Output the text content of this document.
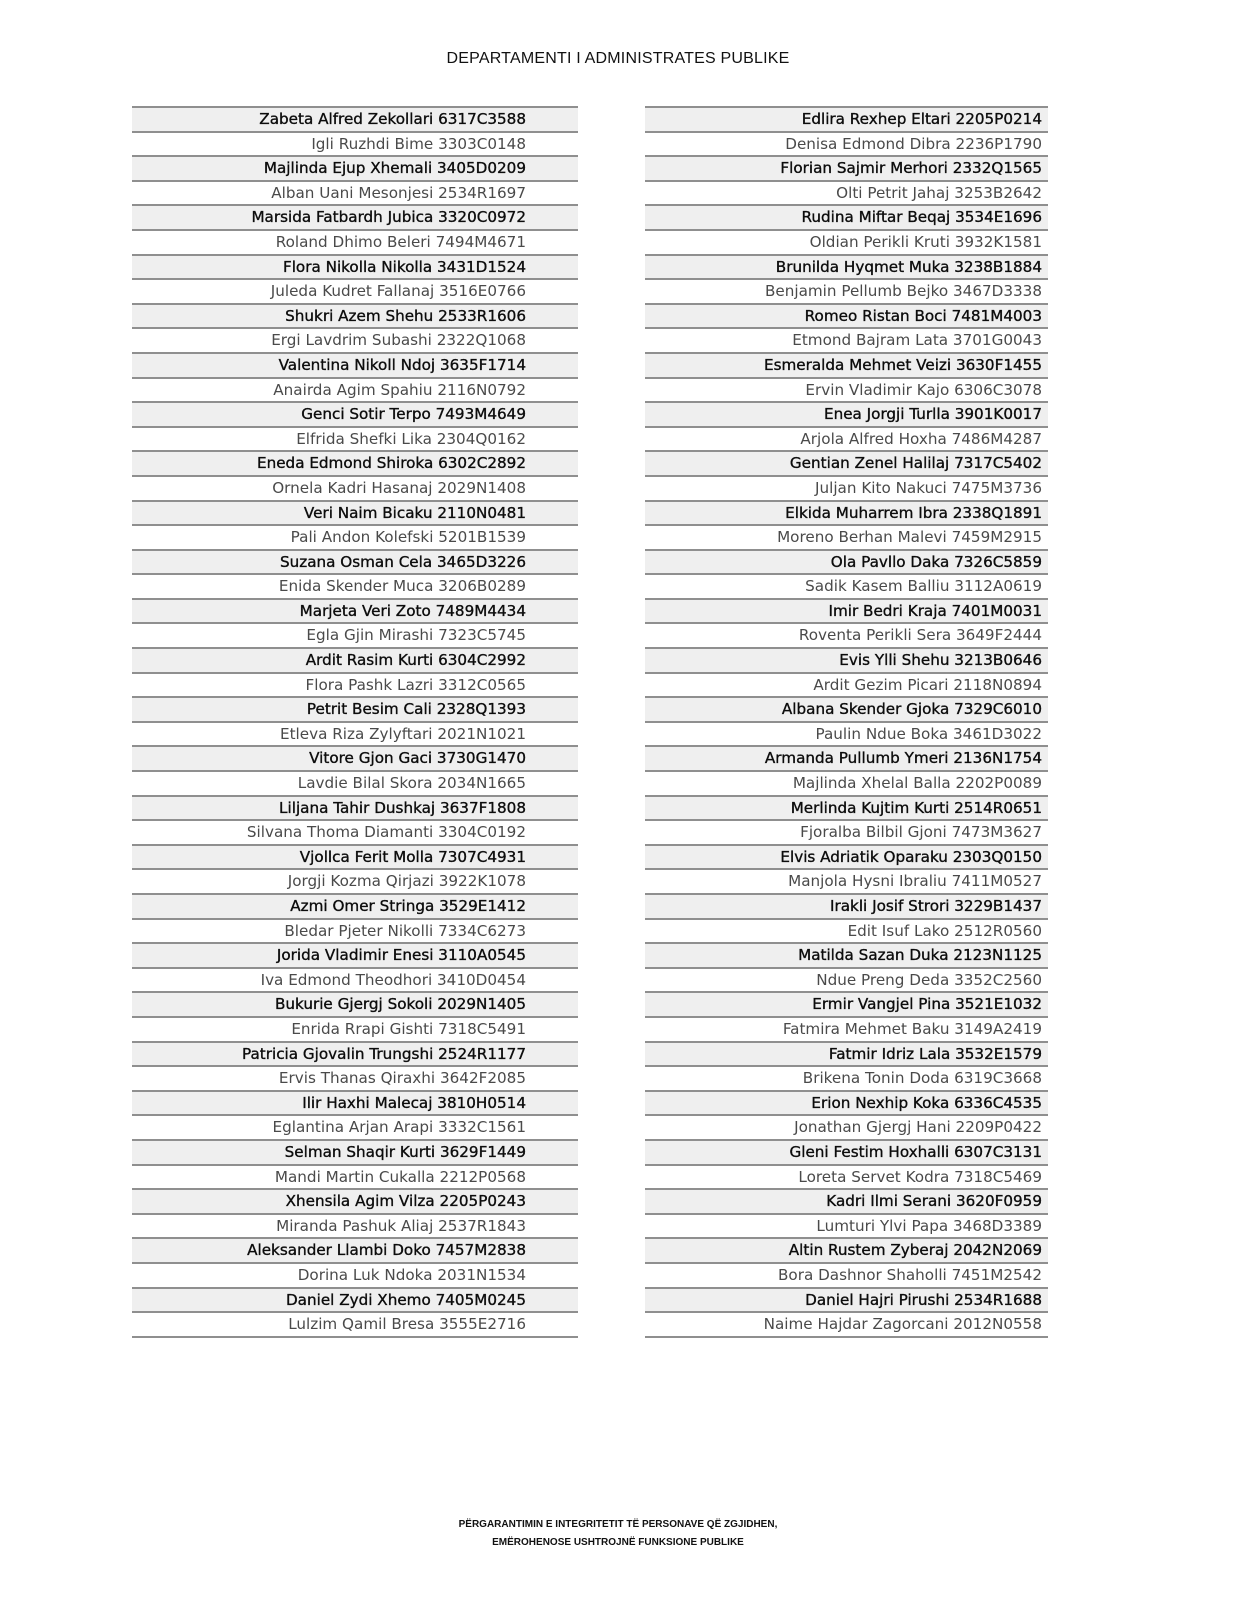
DEPARTAMENTI I ADMINISTRATES PUBLIKE
Zabeta Alfred Zekollari 6317C3588
Igli Ruzhdi Bime 3303C0148
Majlinda Ejup Xhemali 3405D0209
Alban Uani Mesonjesi 2534R1697
Marsida Fatbardh Jubica 3320C0972
Roland Dhimo Beleri 7494M4671
Flora Nikolla Nikolla 3431D1524
Juleda Kudret Fallanaj 3516E0766
Shukri Azem Shehu 2533R1606
Ergi Lavdrim Subashi 2322Q1068
Valentina Nikoll Ndoj 3635F1714
Anairda Agim Spahiu 2116N0792
Genci Sotir Terpo 7493M4649
Elfrida Shefki Lika 2304Q0162
Eneda Edmond Shiroka 6302C2892
Ornela Kadri Hasanaj 2029N1408
Veri Naim Bicaku 2110N0481
Pali Andon Kolefski 5201B1539
Suzana Osman Cela 3465D3226
Enida Skender Muca 3206B0289
Marjeta Veri Zoto 7489M4434
Egla Gjin Mirashi 7323C5745
Ardit Rasim Kurti 6304C2992
Flora Pashk Lazri 3312C0565
Petrit Besim Cali 2328Q1393
Etleva Riza Zylyftari 2021N1021
Vitore Gjon Gaci 3730G1470
Lavdie Bilal Skora 2034N1665
Liljana Tahir Dushkaj 3637F1808
Silvana Thoma Diamanti 3304C0192
Vjollca Ferit Molla 7307C4931
Jorgji Kozma Qirjazi 3922K1078
Azmi Omer Stringa 3529E1412
Bledar Pjeter Nikolli 7334C6273
Jorida Vladimir Enesi 3110A0545
Iva Edmond Theodhori 3410D0454
Bukurie Gjergj Sokoli 2029N1405
Enrida Rrapi Gishti 7318C5491
Patricia Gjovalin Trungshi 2524R1177
Ervis Thanas Qiraxhi 3642F2085
Ilir Haxhi Malecaj 3810H0514
Eglantina Arjan Arapi 3332C1561
Selman Shaqir Kurti 3629F1449
Mandi Martin Cukalla 2212P0568
Xhensila Agim Vilza 2205P0243
Miranda Pashuk Aliaj 2537R1843
Aleksander Llambi Doko 7457M2838
Dorina Luk Ndoka 2031N1534
Daniel Zydi Xhemo 7405M0245
Lulzim Qamil Bresa 3555E2716
Edlira Rexhep Eltari 2205P0214
Denisa Edmond Dibra 2236P1790
Florian Sajmir Merhori 2332Q1565
Olti Petrit Jahaj 3253B2642
Rudina Miftar Beqaj 3534E1696
Oldian Perikli Kruti 3932K1581
Brunilda Hyqmet Muka 3238B1884
Benjamin Pellumb Bejko 3467D3338
Romeo Ristan Boci 7481M4003
Etmond Bajram Lata 3701G0043
Esmeralda Mehmet Veizi 3630F1455
Ervin Vladimir Kajo 6306C3078
Enea Jorgji Turlla 3901K0017
Arjola Alfred Hoxha 7486M4287
Gentian Zenel Halilaj 7317C5402
Juljan Kito Nakuci 7475M3736
Elkida Muharrem Ibra 2338Q1891
Moreno Berhan Malevi 7459M2915
Ola Pavllo Daka 7326C5859
Sadik Kasem Balliu 3112A0619
Imir Bedri Kraja 7401M0031
Roventa Perikli Sera 3649F2444
Evis Ylli Shehu 3213B0646
Ardit Gezim Picari 2118N0894
Albana Skender Gjoka 7329C6010
Paulin Ndue Boka 3461D3022
Armanda Pullumb Ymeri 2136N1754
Majlinda Xhelal Balla 2202P0089
Merlinda Kujtim Kurti 2514R0651
Fjoralba Bilbil Gjoni 7473M3627
Elvis Adriatik Oparaku 2303Q0150
Manjola Hysni Ibraliu 7411M0527
Irakli Josif Strori 3229B1437
Edit Isuf Lako 2512R0560
Matilda Sazan Duka 2123N1125
Ndue Preng Deda 3352C2560
Ermir Vangjel Pina 3521E1032
Fatmira Mehmet Baku 3149A2419
Fatmir Idriz Lala 3532E1579
Brikena Tonin Doda 6319C3668
Erion Nexhip Koka 6336C4535
Jonathan Gjergj Hani 2209P0422
Gleni Festim Hoxhalli 6307C3131
Loreta Servet Kodra 7318C5469
Kadri Ilmi Serani 3620F0959
Lumturi Ylvi Papa 3468D3389
Altin Rustem Zyberaj 2042N2069
Bora Dashnor Shaholli 7451M2542
Daniel Hajri Pirushi 2534R1688
Naime Hajdar Zagorcani 2012N0558
PËRGARANTIMIN E INTEGRITETIT TË PERSONAVE QË ZGJIDHEN,
EMËROHENOSE USHTROJNË FUNKSIONE PUBLIKE
